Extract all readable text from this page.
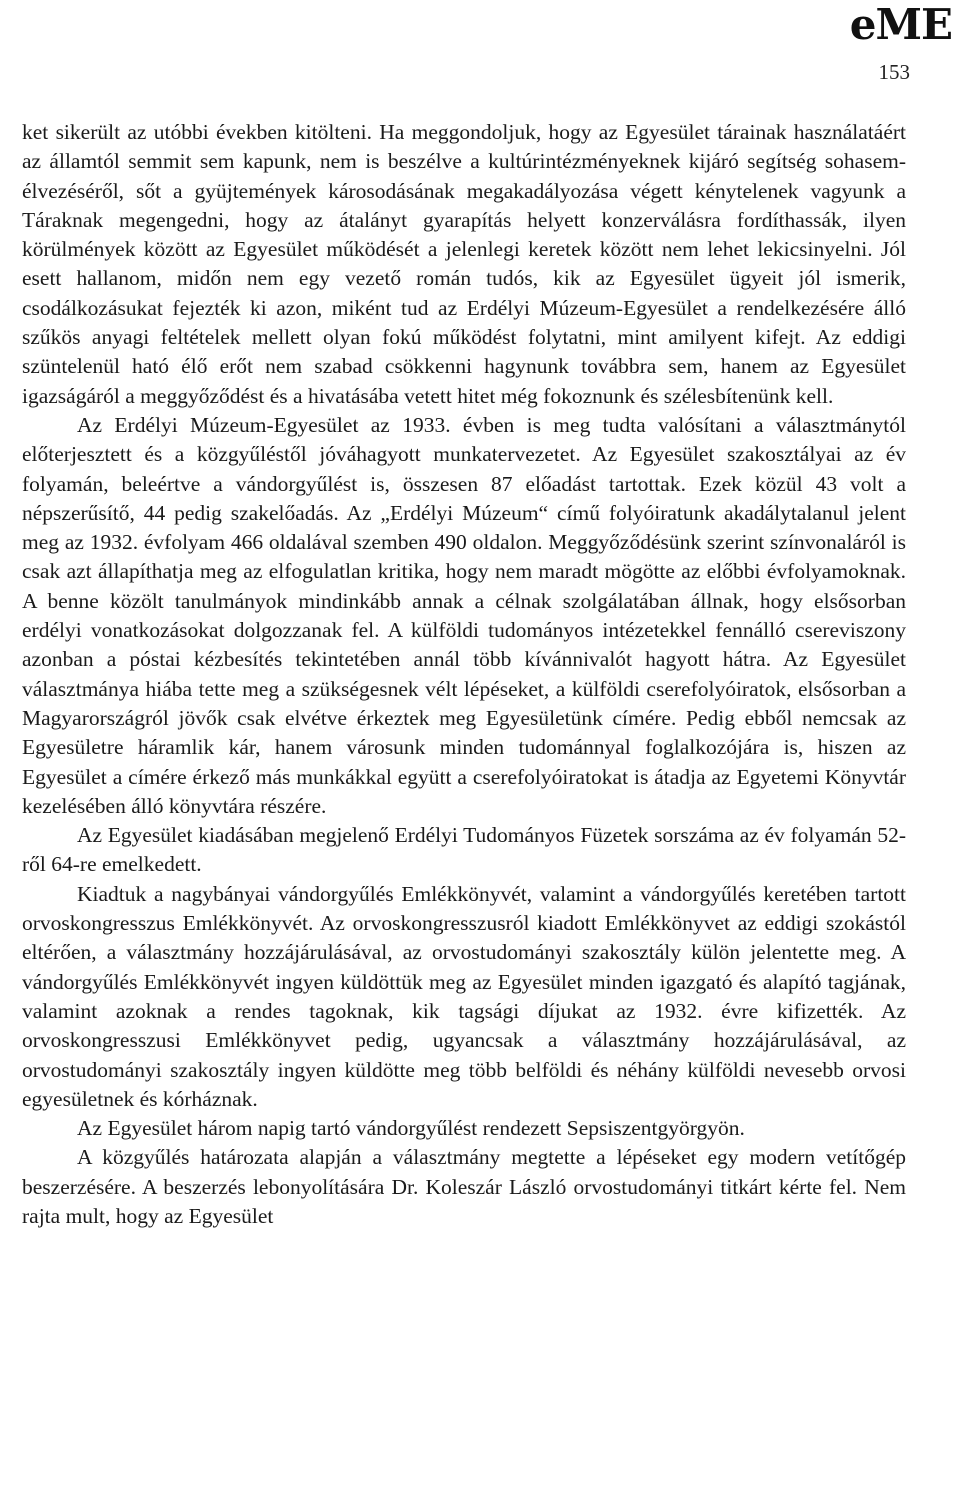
eME
153

ket sikerült az utóbbi években kitölteni. Ha meggondoljuk, hogy az Egyesület tárainak használatáért az államtól semmit sem kapunk, nem is beszélve a kultúrintézményeknek kijáró segítség sohasem-élvezéséről, sőt a gyüjtemények károsodásának megakadályozása végett kénytelenek vagyunk a Táraknak megengedni, hogy az átalányt gyarapítás helyett konzerválásra fordíthassák, ilyen körülmények között az Egyesület működését a jelenlegi keretek között nem lehet lekicsinyelni. Jól esett hallanom, midőn nem egy vezető román tudós, kik az Egyesület ügyeit jól ismerik, csodálkozásukat fejezték ki azon, miként tud az Erdélyi Múzeum-Egyesület a rendelkezésére álló szűkös anyagi feltételek mellett olyan fokú működést folytatni, mint amilyent kifejt. Az eddigi szüntelenül ható élő erőt nem szabad csökkenni hagynunk továbbra sem, hanem az Egyesület igazságáról a meggyőződést és a hivatásába vetett hitet még fokoznunk és szélesbítenünk kell.

Az Erdélyi Múzeum-Egyesület az 1933. évben is meg tudta valósítani a választmánytól előterjesztett és a közgyűléstől jóváhagyott munkatervezetet. Az Egyesület szakosztályai az év folyamán, beleértve a vándorgyűlést is, összesen 87 előadást tartottak. Ezek közül 43 volt a népszerűsítő, 44 pedig szakelőadás. Az „Erdélyi Múzeum“ című folyóiratunk akadálytalanul jelent meg az 1932. évfolyam 466 oldalával szemben 490 oldalon. Meggyőződésünk szerint színvonaláról is csak azt állapíthatja meg az elfogulatlan kritika, hogy nem maradt mögötte az előbbi évfolyamoknak. A benne közölt tanulmányok mindinkább annak a célnak szolgálatában állnak, hogy elsősorban erdélyi vonatkozásokat dolgozzanak fel. A külföldi tudományos intézetekkel fennálló csereviszony azonban a póstai kézbesítés tekintetében annál több kívánnivalót hagyott hátra. Az Egyesület választmánya hiába tette meg a szükségesnek vélt lépéseket, a külföldi cserefolyóiratok, elsősorban a Magyarországról jövők csak elvétve érkeztek meg Egyesületünk címére. Pedig ebből nemcsak az Egyesületre háramlik kár, hanem városunk minden tudománnyal foglalkozójára is, hiszen az Egyesület a címére érkező más munkákkal együtt a cserefolyóiratokat is átadja az Egyetemi Könyvtár kezelésében álló könyvtára részére.

Az Egyesület kiadásában megjelenő Erdélyi Tudományos Füzetek sorszáma az év folyamán 52-ről 64-re emelkedett.

Kiadtuk a nagybányai vándorgyűlés Emlékkönyvét, valamint a vándorgyűlés keretében tartott orvoskongresszus Emlékkönyvét. Az orvoskongresszusról kiadott Emlékkönyvet az eddigi szokástól eltérően, a választmány hozzájárulásával, az orvostudományi szakosztály külön jelentette meg. A vándorgyűlés Emlékkönyvét ingyen küldöttük meg az Egyesület minden igazgató és alapító tagjának, valamint azoknak a rendes tagoknak, kik tagsági díjukat az 1932. évre kifizették. Az orvoskongresszusi Emlékkönyvet pedig, ugyancsak a választmány hozzájárulásával, az orvostudományi szakosztály ingyen küldötte meg több belföldi és néhány külföldi nevesebb orvosi egyesületnek és kórháznak.

Az Egyesület három napig tartó vándorgyűlést rendezett Sepsiszentgyörgyön.

A közgyűlés határozata alapján a választmány megtette a lépéseket egy modern vetítőgép beszerzésére. A beszerzés lebonyolítására Dr. Koleszár László orvostudományi titkárt kérte fel. Nem rajta mult, hogy az Egyesület
